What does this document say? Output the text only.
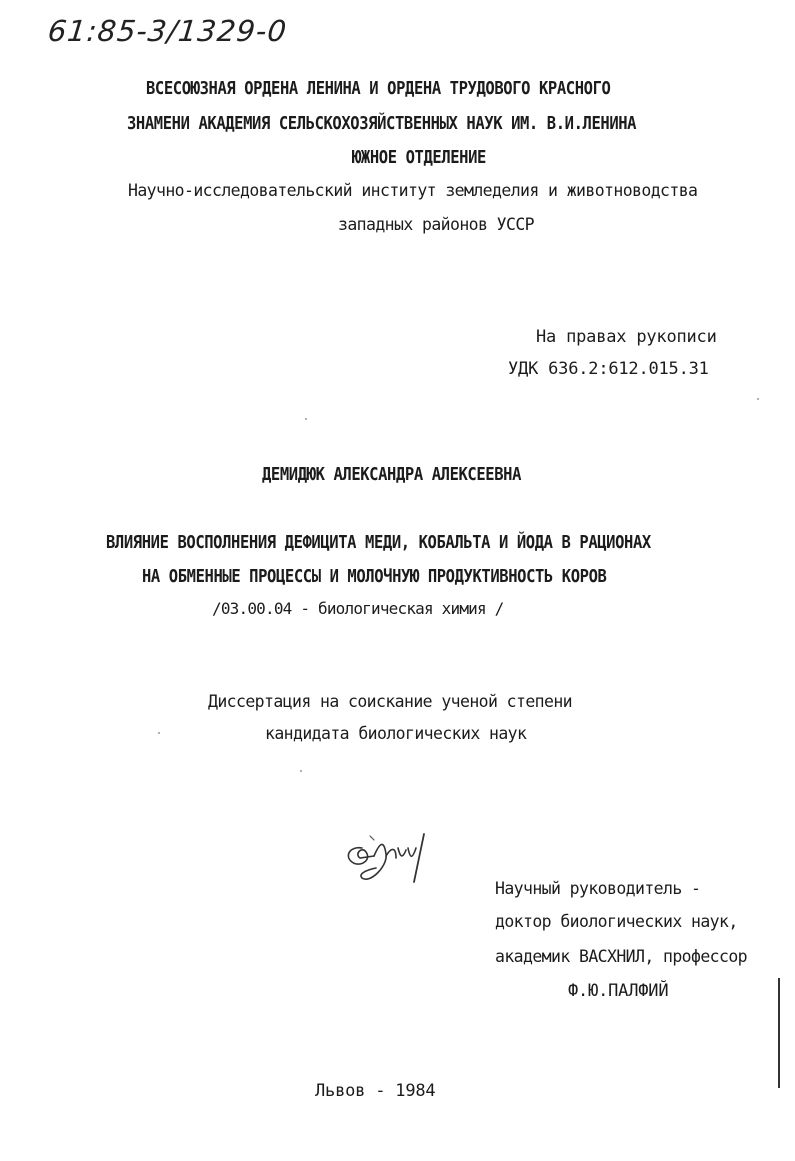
61:85-3/1329-0
ВСЕСОЮЗНАЯ ОРДЕНА ЛЕНИНА И ОРДЕНА ТРУДОВОГО КРАСНОГО
ЗНАМЕНИ АКАДЕМИЯ СЕЛЬСКОХОЗЯЙСТВЕННЫХ НАУК ИМ. В.И.ЛЕНИНА
ЮЖНОЕ ОТДЕЛЕНИЕ
Научно-исследовательский институт земледелия и животноводства
западных районов УССР
На правах рукописи
УДК 636.2:612.015.31
ДЕМИДЮК АЛЕКСАНДРА АЛЕКСЕЕВНА
ВЛИЯНИЕ ВОСПОЛНЕНИЯ ДЕФИЦИТА МЕДИ, КОБАЛЬТА И ЙОДА В РАЦИОНАХ
НА ОБМЕННЫЕ ПРОЦЕССЫ И МОЛОЧНУЮ ПРОДУКТИВНОСТЬ КОРОВ
/03.00.04 - биологическая химия /
Диссертация на соискание ученой степени
кандидата биологических наук
Научный руководитель -
доктор биологических наук,
академик ВАСХНИЛ, профессор
Ф.Ю.ПАЛФИЙ
Львов - 1984
